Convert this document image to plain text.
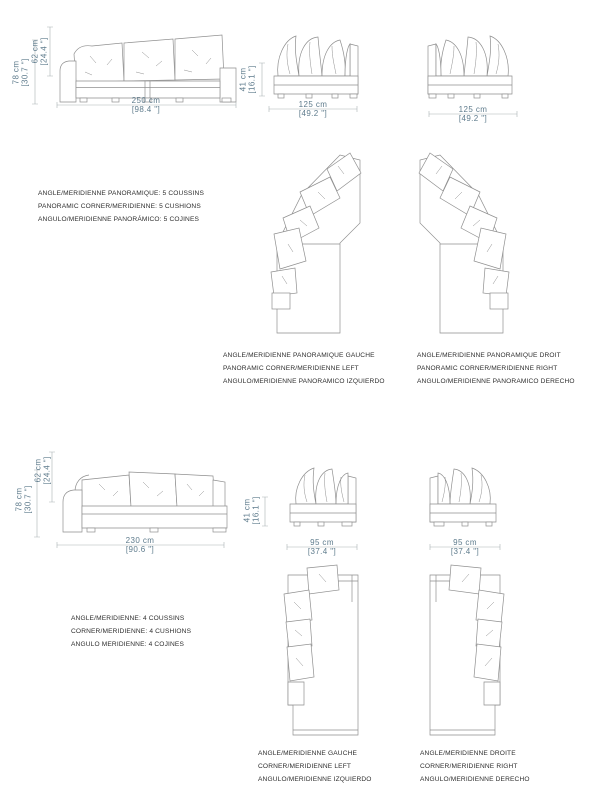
62 cm [24.4 "]
78 cm [30.7 "]
250 cm
[98.4 "]
41 cm [16.1 "]
125 cm
[49.2 "]	125 cm
[49.2 "]
62 cm [24.4 "]
78 cm [30.7 "]
230 cm
[90.6 "]
41 cm [16.1 "]
95 cm
[37.4 "]
95 cm
[37.4 "]
ANGLE/MERIDIENNE PANORAMIQUE: 5 COUSSINS
PANORAMIC CORNER/MERIDIENNE: 5 CUSHIONS
ANGULO/MERIDIENNE PANORÁMICO: 5 COJINES
ANGLE/MERIDIENNE PANORAMIQUE GAUCHE
PANORAMIC CORNER/MERIDIENNE LEFT
ANGULO/MERIDIENNE PANORAMICO IZQUIERDO
ANGLE/MERIDIENNE PANORAMIQUE DROIT
PANORAMIC CORNER/MERIDIENNE RIGHT
ANGULO/MERIDIENNE PANORAMICO DERECHO
ANGLE/MERIDIENNE: 4 COUSSINS
CORNER/MERIDIENNE: 4 CUSHIONS
ANGULO MERIDIENNE: 4 COJINES
ANGLE/MERIDIENNE GAUCHE
CORNER/MERIDIENNE LEFT
ANGULO/MERIDIENNE IZQUIERDO
ANGLE/MERIDIENNE DROITE
CORNER/MERIDIENNE RIGHT
ANGULO/MERIDIENNE DERECHO
